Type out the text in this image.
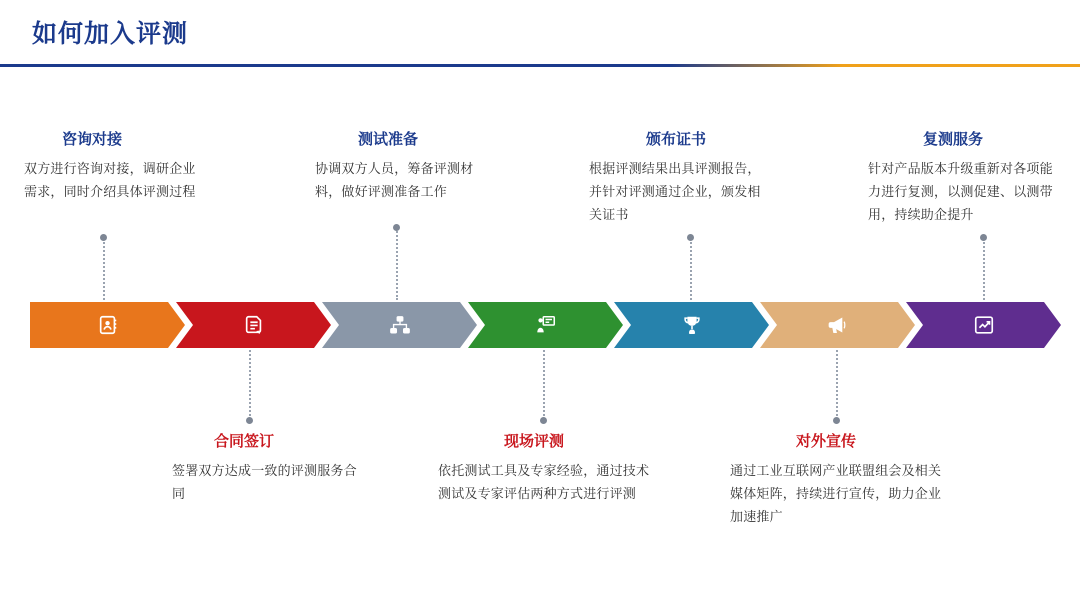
如何加入评测
咨询对接
双方进行咨询对接，调研企业需求，同时介绍具体评测过程
测试准备
协调双方人员，筹备评测材料，做好评测准备工作
颁布证书
根据评测结果出具评测报告，并针对评测通过企业，颁发相关证书
复测服务
针对产品版本升级重新对各项能力进行复测，以测促建、以测带用，持续助企提升
合同签订
签署双方达成一致的评测服务合同
现场评测
依托测试工具及专家经验，通过技术测试及专家评估两种方式进行评测
对外宣传
通过工业互联网产业联盟组会及相关媒体矩阵，持续进行宣传，助力企业加速推广
